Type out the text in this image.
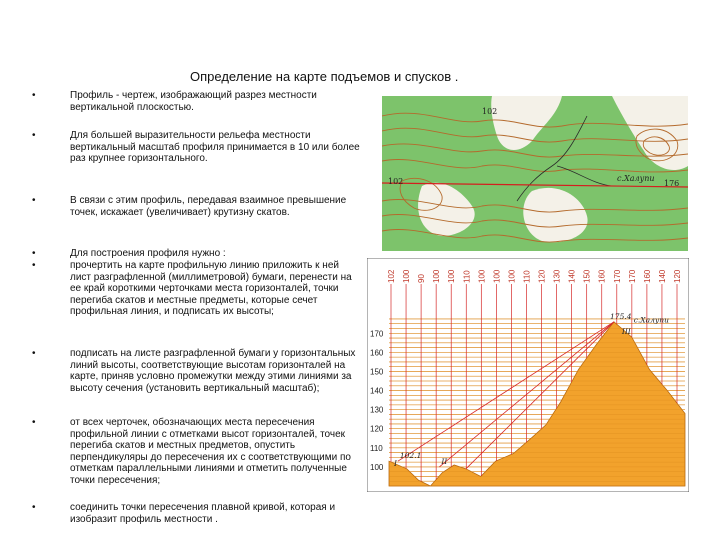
Определение на карте подъемов и спусков .
•	Профиль - чертеж, изображающий разрез местности вертикальной плоскостью.
•	Для большей выразительности рельефа местности вертикальный масштаб профиля принимается в 10 или более раз крупнее горизонтального.
•	В связи с этим профиль, передавая взаимное превышение точек, искажает (увеличивает) крутизну скатов.
•	Для построения профиля нужно :
•	прочертить на карте профильную линию приложить к ней лист разграфленной (миллиметровой) бумаги, перенести на ее край короткими черточками места горизонталей, точки перегиба скатов и местные предметы, которые сечет профильная линия, и подписать их высоты;
•	подписать на листе разграфленной бумаги у горизонтальных линий высоты, соответствующие высотам горизонталей на карте, приняв условно промежутки между этими линиями за высоту сечения (установить вертикальный масштаб);
•	от всех черточек, обозначающих места пересечения профильной линии с отметками высот горизонталей, точек перегиба скатов и местных предметов, опустить перпендикуляры до пересечения их с соответствующими по отметкам параллельными линиями и отметить полученные точки пересечения;
•	соединить точки пересечения плавной кривой, которая и изобразит профиль местности .
102
с.Халупи
176
102
100
110
120
130
140
150
160
170
102 100 90 100 100 110 100 100 100 110 120 130 140 150 160 170 170 160 140 120
102.1
175.4 с.Халупи
I	II
III
